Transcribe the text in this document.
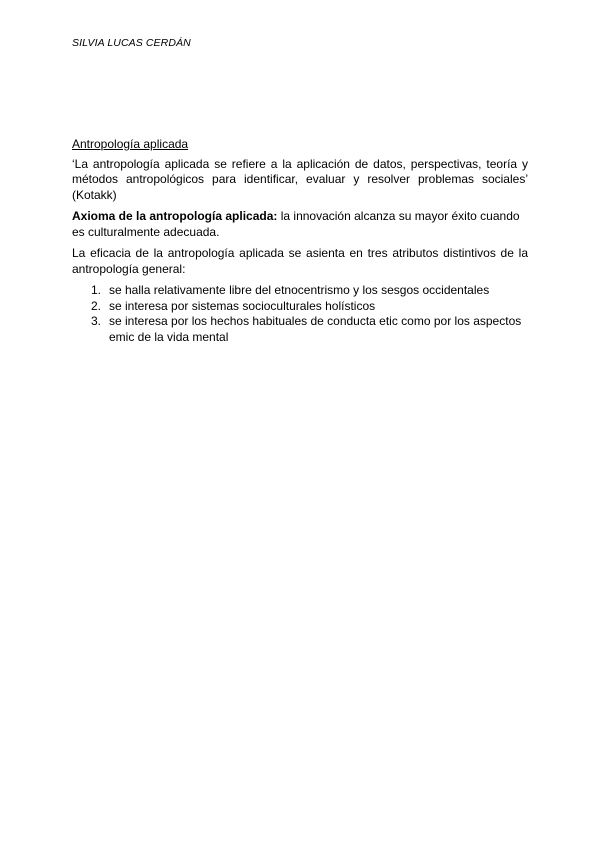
SILVIA LUCAS CERDÁN
Antropología aplicada
‘La antropología aplicada se refiere a la aplicación de datos, perspectivas, teoría y métodos antropológicos para identificar, evaluar y resolver problemas sociales’ (Kotakk)
Axioma de la antropología aplicada: la innovación alcanza su mayor éxito cuando es culturalmente adecuada.
La eficacia de la antropología aplicada se asienta en tres atributos distintivos de la antropología general:
1. se halla relativamente libre del etnocentrismo y los sesgos occidentales
2. se interesa por sistemas socioculturales holísticos
3. se interesa por los hechos habituales de conducta etic como por los aspectos emic de la vida mental
